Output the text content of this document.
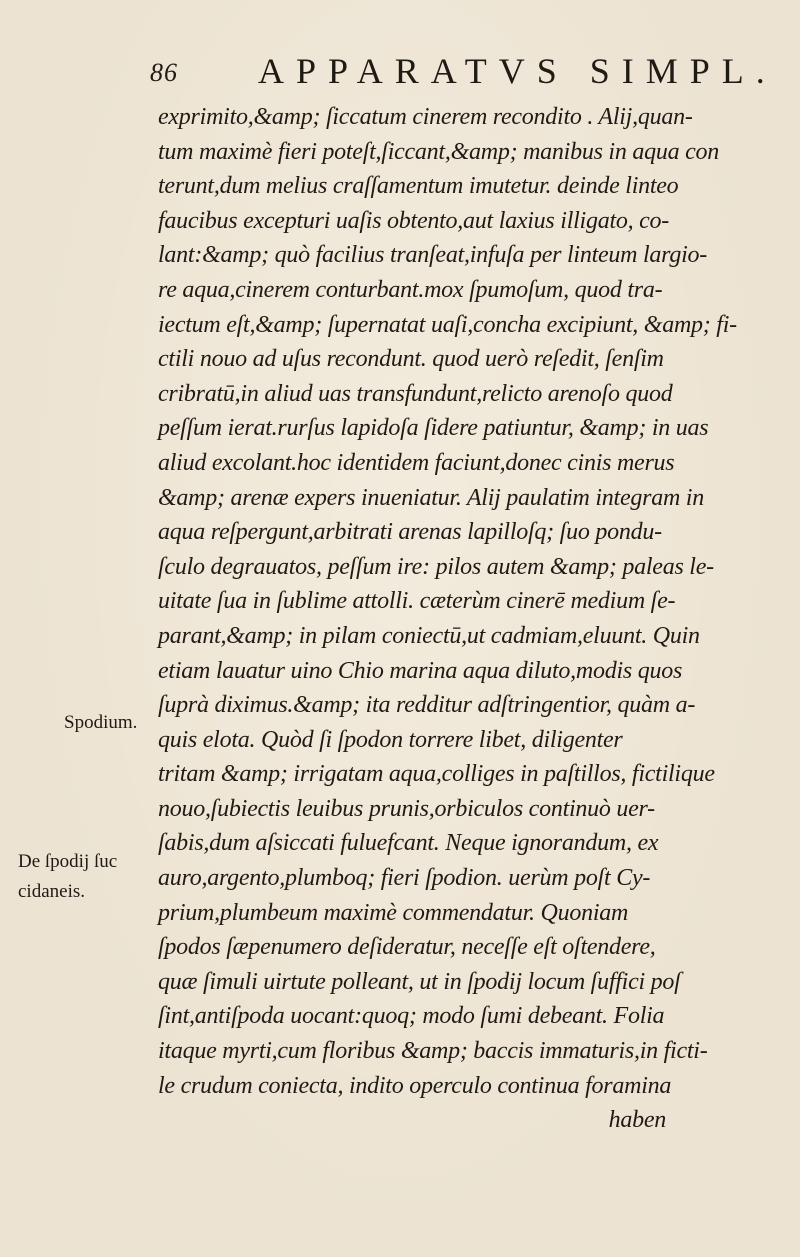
86 APPARATVS SIMPL.
Spodium.
De ſpodij ſuc
cidaneis.
exprimito,&amp; ſiccatum cinerem recondito . Alij,quan-
tum maximè fieri poteſt,ſiccant,&amp; manibus in aqua con
terunt,dum melius craſſamentum imutetur. deinde linteo
faucibus excepturi uaſis obtento,aut laxius illigato, co-
lant:&amp; quò facilius tranſeat,infuſa per linteum largio-
re aqua,cinerem conturbant.mox ſpumoſum, quod tra-
iectum eſt,&amp; ſupernatat uaſi,concha excipiunt, &amp; fi-
ctili nouo ad uſus recondunt. quod uerò reſedit, ſenſim
cribratū,in aliud uas transfundunt,relicto arenoſo quod
peſſum ierat.rurſus lapidoſa ſidere patiuntur, &amp; in uas
aliud excolant.hoc identidem faciunt,donec cinis merus
&amp; arenæ expers inueniatur. Alij paulatim integram in
aqua reſpergunt,arbitrati arenas lapilloſq; ſuo pondu-
ſculo degrauatos, peſſum ire: pilos autem &amp; paleas le-
uitate ſua in ſublime attolli. cæterùm cinerē medium ſe-
parant,&amp; in pilam coniectū,ut cadmiam,eluunt. Quin
etiam lauatur uino Chio marina aqua diluto,modis quos
ſuprà diximus.&amp; ita redditur adſtringentior, quàm a-
quis elota. Quòd ſi ſpodon torrere libet, diligenter
tritam &amp; irrigatam aqua,colliges in paſtillos, fictilique
nouo,ſubiectis leuibus prunis,orbiculos continuò uer-
ſabis,dum aſsiccati fuluefcant. Neque ignorandum, ex
auro,argento,plumboq; fieri ſpodion. uerùm poſt Cy-
prium,plumbeum maximè commendatur. Quoniam
ſpodos ſæpenumero deſideratur, neceſſe eſt oſtendere,
quæ ſimuli uirtute polleant, ut in ſpodij locum ſuffici poſ
ſint,antiſpoda uocant:quoq; modo ſumi debeant. Folia
itaque myrti,cum floribus &amp; baccis immaturis,in ficti-
le crudum coniecta, indito operculo continua foramina
haben
